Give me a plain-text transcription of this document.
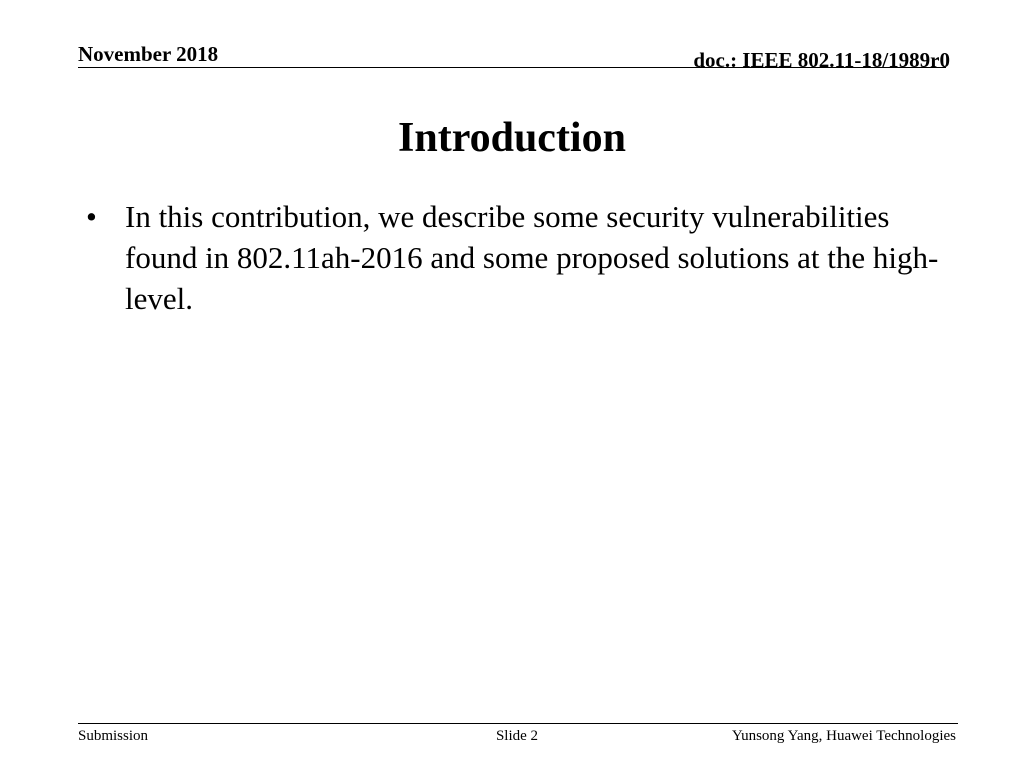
November 2018	doc.: IEEE 802.11-18/1989r0
Introduction
• In this contribution, we describe some security vulnerabilities found in 802.11ah-2016 and some proposed solutions at the high-level.
Submission	Slide 2	Yunsong Yang, Huawei Technologies
